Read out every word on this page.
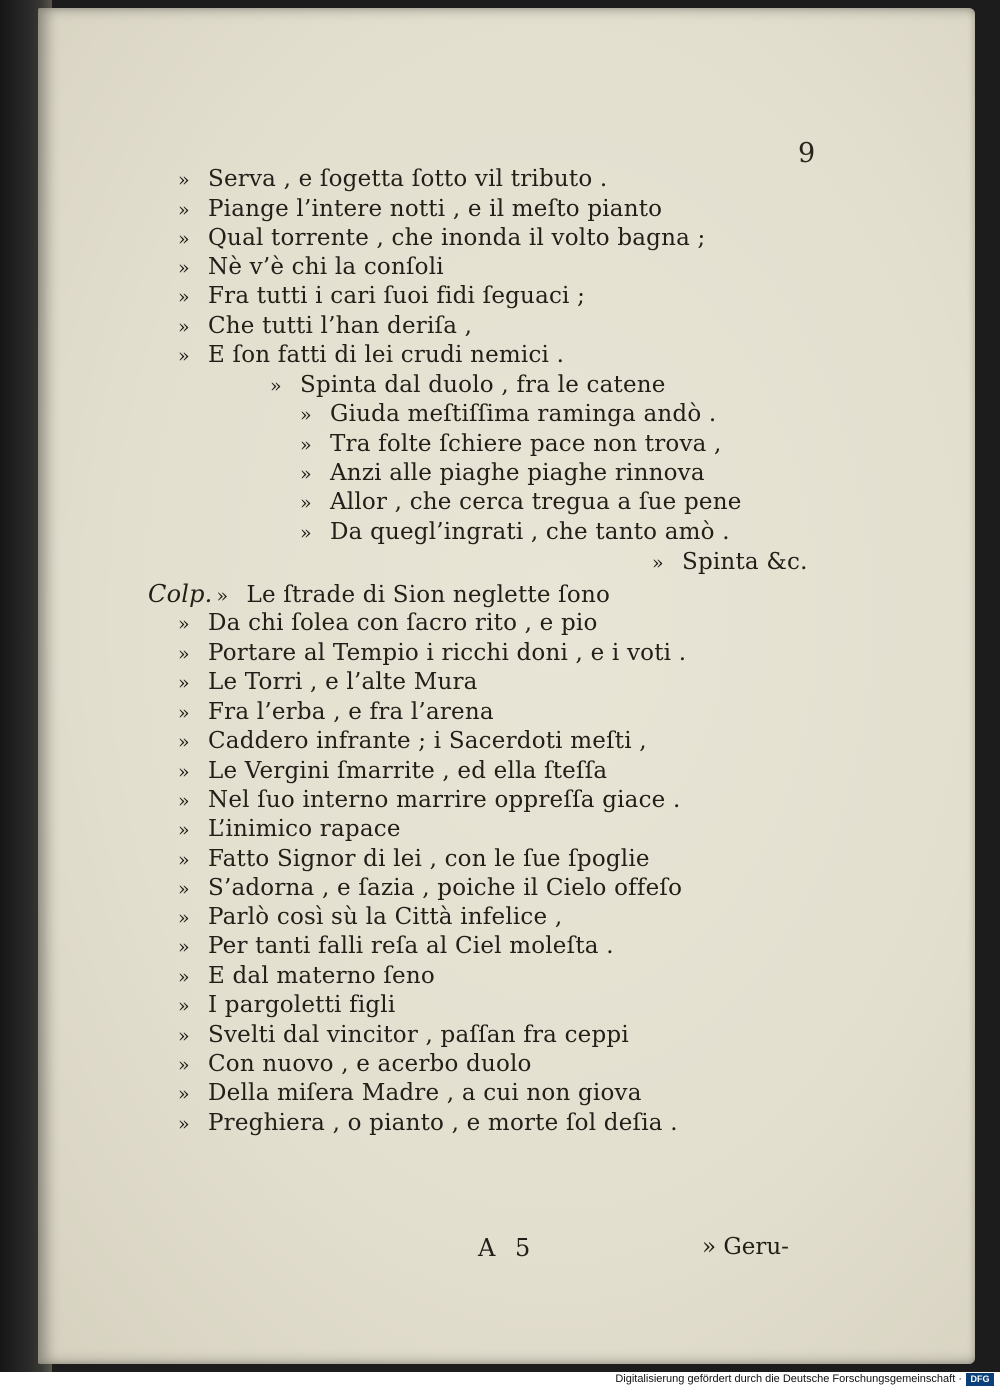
9
» Serva , e ſogetta ſotto vil tributo .
» Piange l’intere notti , e il meſto pianto
» Qual torrente , che inonda il volto bagna ;
» Nè v’è chi la conſoli
» Fra tutti i cari ſuoi fidi ſeguaci ;
» Che tutti l’han deriſa ,
» E ſon fatti di lei crudi nemici .
» Spinta dal duolo , fra le catene
» Giuda meſtiſſima raminga andò .
» Tra folte ſchiere pace non trova ,
» Anzi alle piaghe piaghe rinnova
» Allor , che cerca tregua a ſue pene
» Da quegl’ingrati , che tanto amò .
» Spinta &c.
Colp. » Le ſtrade di Sion neglette ſono
» Da chi ſolea con ſacro rito , e pio
» Portare al Tempio i ricchi doni , e i voti .
» Le Torri , e l’alte Mura
» Fra l’erba , e fra l’arena
» Caddero infrante ; i Sacerdoti meſti ,
» Le Vergini ſmarrite , ed ella ſteſſa
» Nel ſuo interno marrire oppreſſa giace .
» L’inimico rapace
» Fatto Signor di lei , con le ſue ſpoglie
» S’adorna , e ſazia , poiche il Cielo offeſo
» Parlò così sù la Città infelice ,
» Per tanti falli reſa al Ciel moleſta .
» E dal materno ſeno
» I pargoletti figli
» Svelti dal vincitor , paſſan fra ceppi
» Con nuovo , e acerbo duolo
» Della miſera Madre , a cui non giova
» Preghiera , o pianto , e morte ſol deſia .
A 5	» Geru-
Digitalisierung gefördert durch die Deutsche Forschungsgemeinschaft · DFG
